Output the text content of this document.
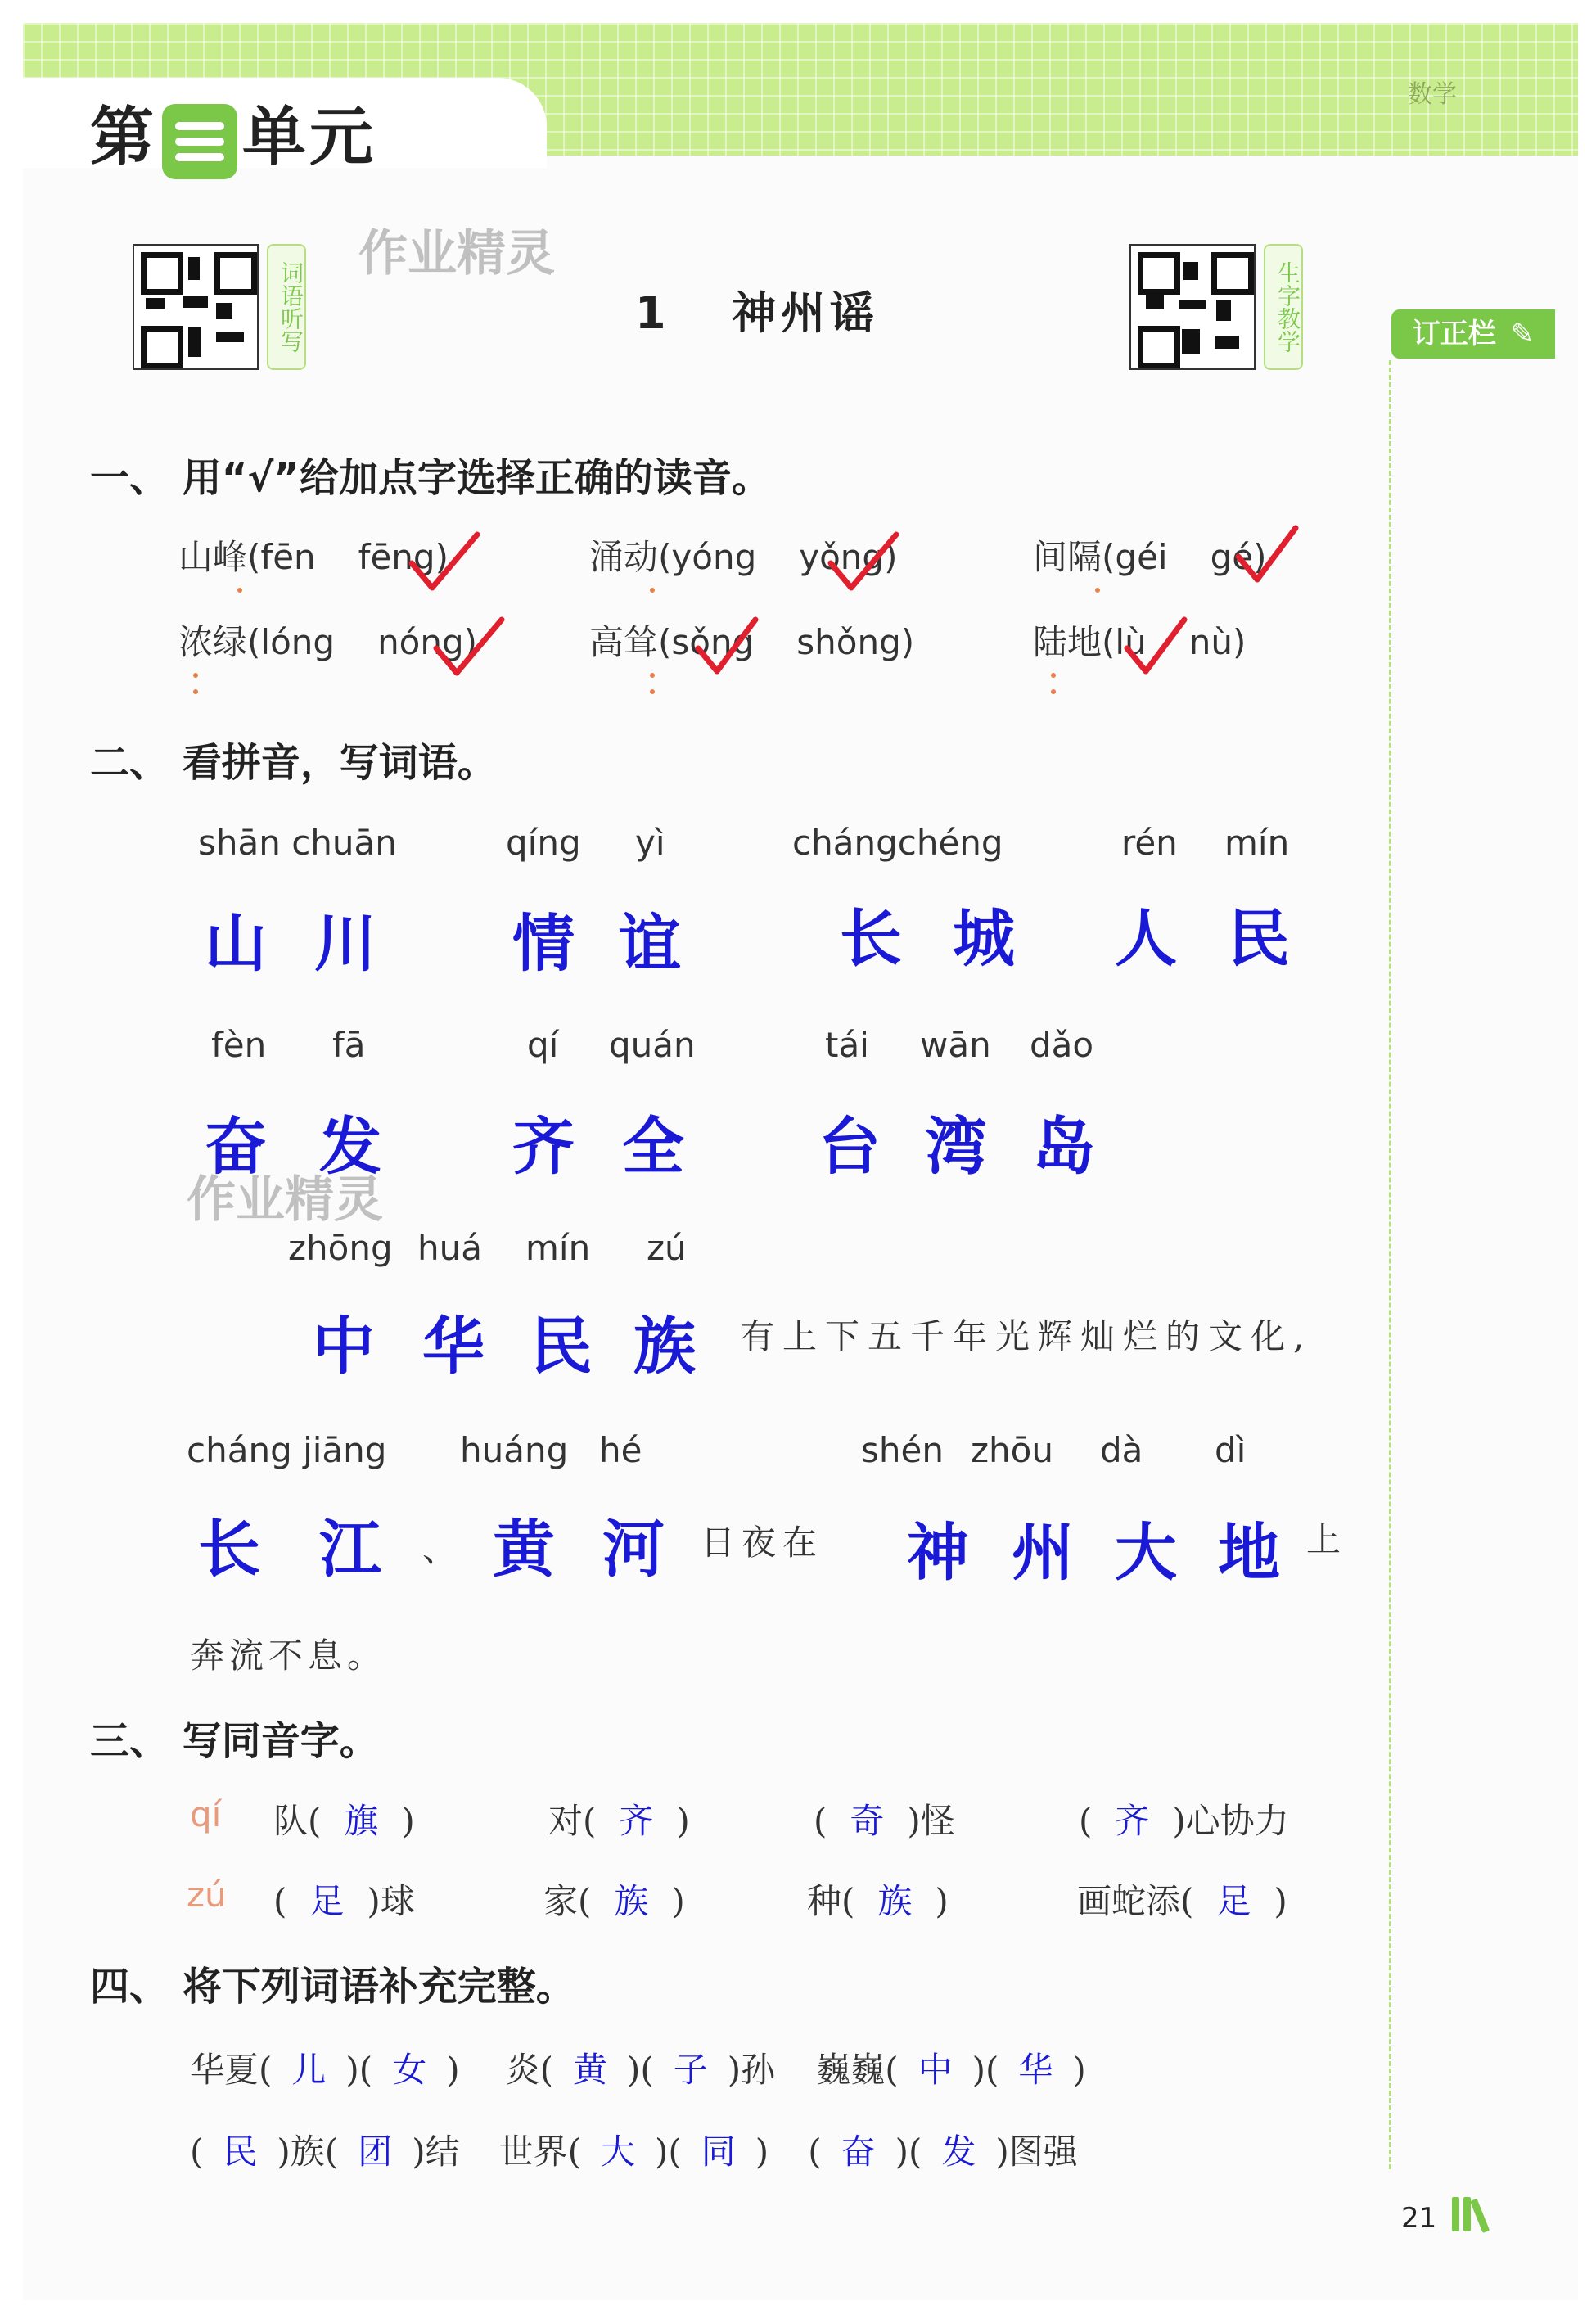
第 单元
数学
词语听写	生字教学
作业精灵
作业精灵
1 神州谣	订正栏 ✎
一、 用“√”给加点字选择正确的读音。
山峰(fēn fēng)	涌动(yóng yǒng)	间隔(géi gé)
浓绿(lóng nóng)	高耸(sǒng shǒng)	陆地(lù nù)
二、 看拼音，写词语。
shān chuān	qíng yì	chángchéng	rén mín
山 川 情 谊	长 城 人 民
fèn fā	qí quán	tái wān dǎo
奋 发 齐 全 台 湾 岛
zhōng huá mín zú
中 华 民 族 有上下五千年光辉灿烂的文化,
cháng jiāng huáng hé	shén zhōu dà dì
长 江 、 黄 河 日夜在 神 州 大 地 上
奔流不息。
三、 写同音字。
qí 队( 旗 )	对( 齐 )	( 奇 )怪	( 齐 )心协力
zú ( 足 )球	家( 族 )	种( 族 )	画蛇添( 足 )
四、 将下列词语补充完整。
华夏( 儿 )( 女 ) 炎( 黄 )( 子 )孙 巍巍( 中 )( 华 )
( 民 )族( 团 )结 世界( 大 )( 同 ) ( 奋 )( 发 )图强
21
